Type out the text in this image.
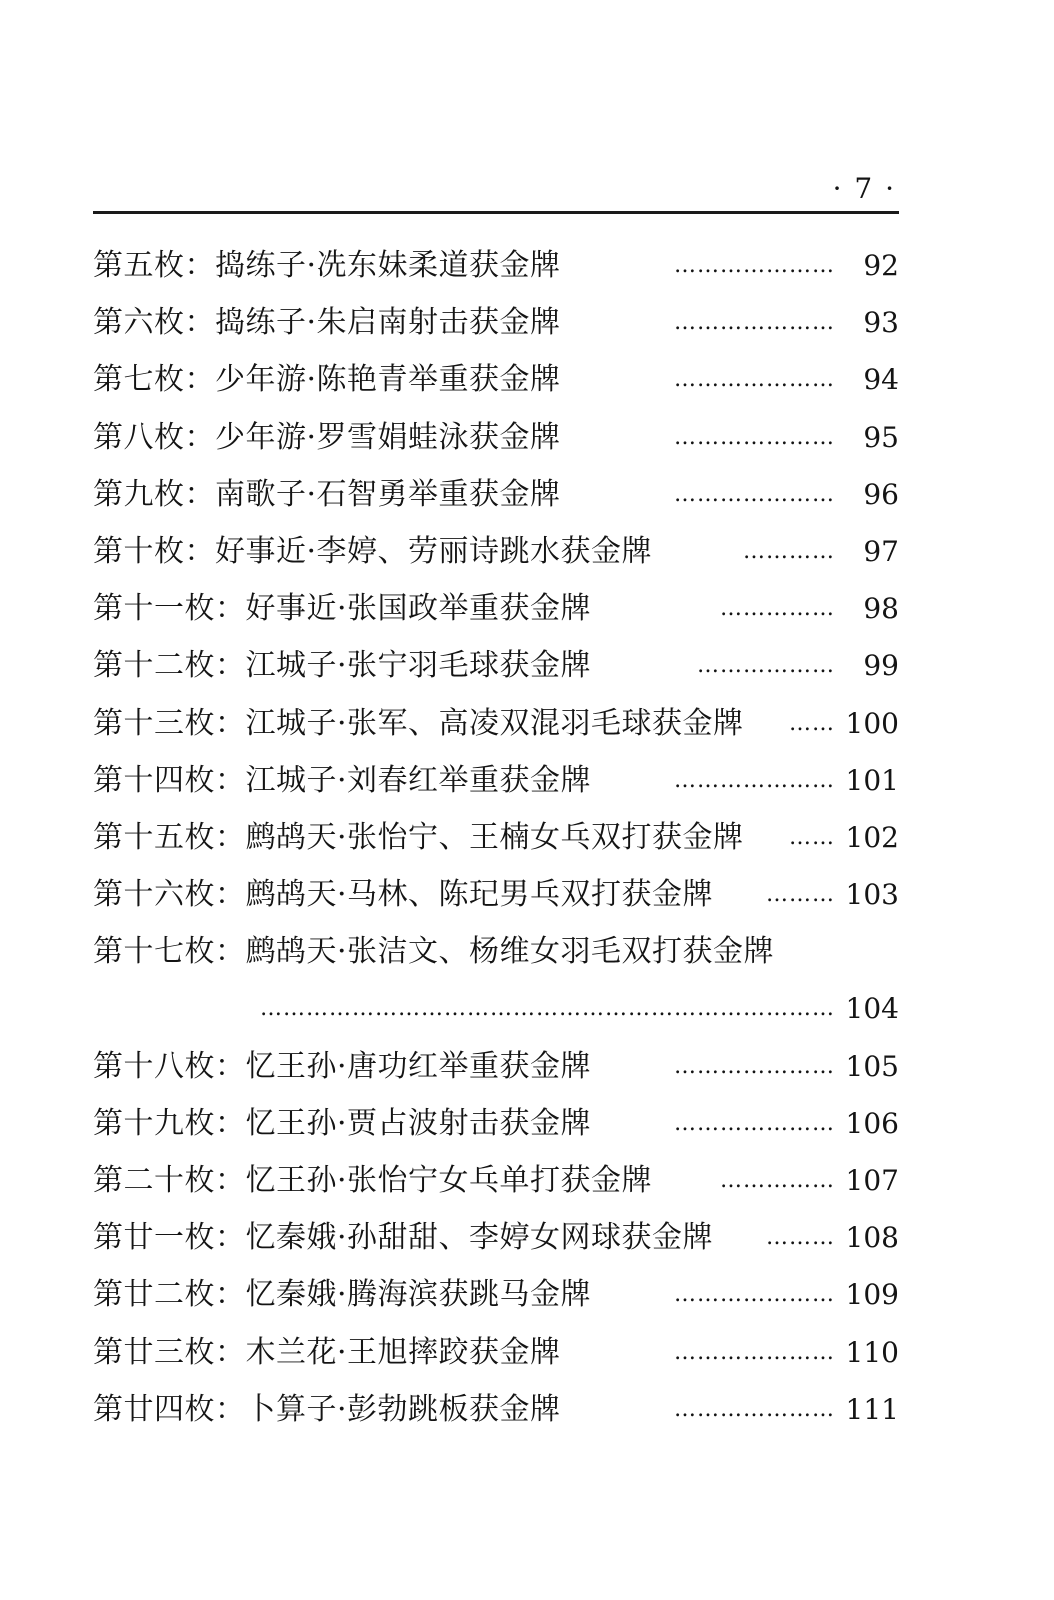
· 7 ·
第五枚：捣练子·冼东妹柔道获金牌	…………………	92
第六枚：捣练子·朱启南射击获金牌	…………………	93
第七枚：少年游·陈艳青举重获金牌	…………………	94
第八枚：少年游·罗雪娟蛙泳获金牌	…………………	95
第九枚：南歌子·石智勇举重获金牌	…………………	96
第十枚：好事近·李婷、劳丽诗跳水获金牌	…………	97
第十一枚：好事近·张国政举重获金牌	……………	98
第十二枚：江城子·张宁羽毛球获金牌	………………	99
第十三枚：江城子·张军、高凌双混羽毛球获金牌	…… 100
第十四枚：江城子·刘春红举重获金牌	………………… 101
第十五枚：鹧鸪天·张怡宁、王楠女乓双打获金牌	…… 102
第十六枚：鹧鸪天·马林、陈玘男乓双打获金牌	……… 103
第十七枚：鹧鸪天·张洁文、杨维女羽毛双打获金牌
………………………………………………………………… 104
第十八枚：忆王孙·唐功红举重获金牌	………………… 105
第十九枚：忆王孙·贾占波射击获金牌	………………… 106
第二十枚：忆王孙·张怡宁女乓单打获金牌	…………… 107
第廿一枚：忆秦娥·孙甜甜、李婷女网球获金牌	……… 108
第廿二枚：忆秦娥·腾海滨获跳马金牌	………………… 109
第廿三枚：木兰花·王旭摔跤获金牌	………………… 110
第廿四枚：卜算子·彭勃跳板获金牌	………………… 111
